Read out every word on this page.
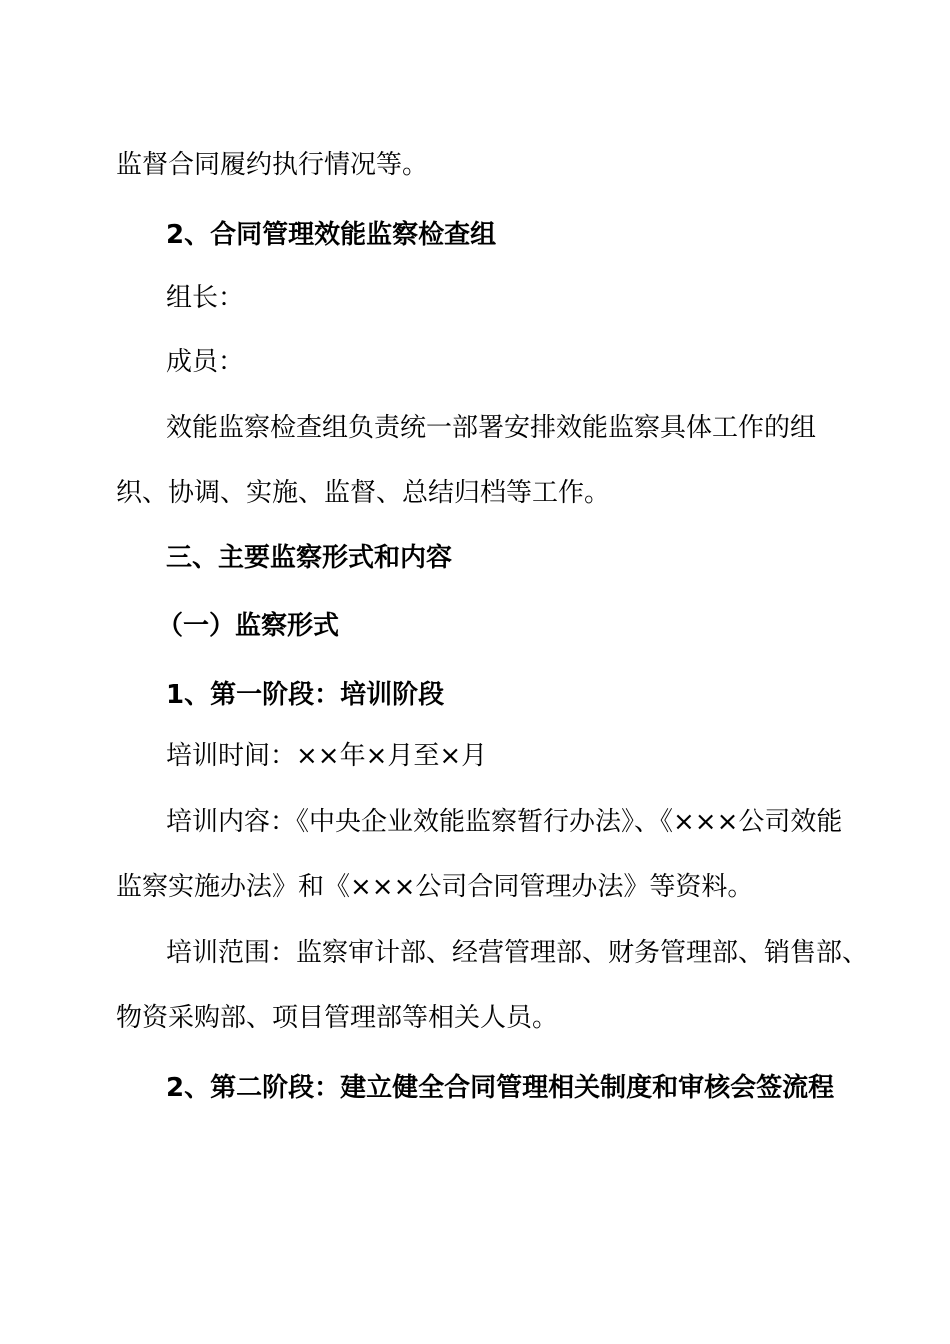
监督合同履约执行情况等。
2、合同管理效能监察检查组
组长：
成员：
效能监察检查组负责统一部署安排效能监察具体工作的组
织、协调、实施、监督、总结归档等工作。
三、主要监察形式和内容
（一）监察形式
1、第一阶段：培训阶段
培训时间：××年×月至×月
培训内容：《中央企业效能监察暂行办法》、《×××公司效能
监察实施办法》和《×××公司合同管理办法》等资料。
培训范围：监察审计部、经营管理部、财务管理部、销售部、
物资采购部、项目管理部等相关人员。
2、第二阶段：建立健全合同管理相关制度和审核会签流程
